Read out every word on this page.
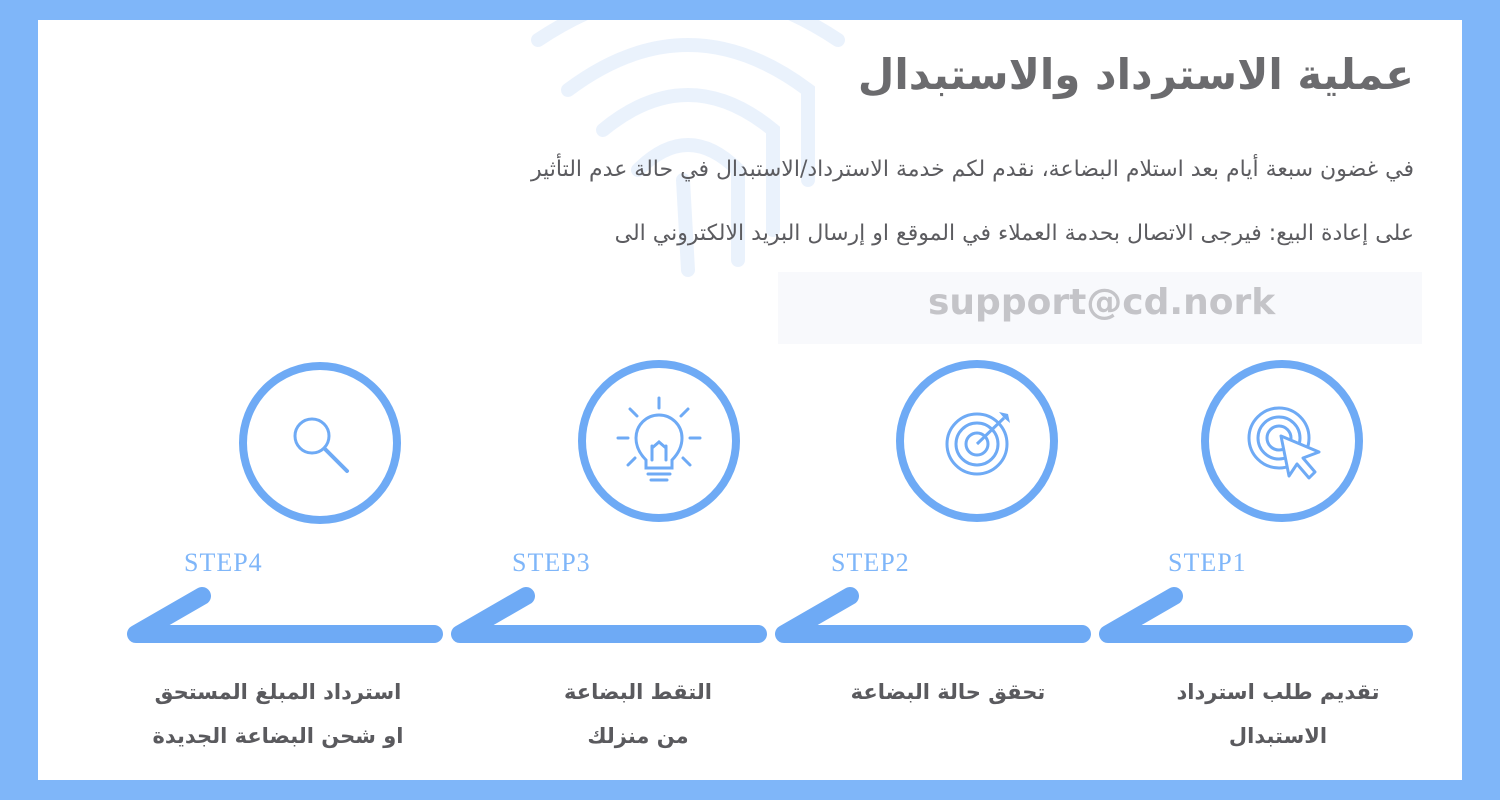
عملية الاسترداد والاستبدال

في غضون سبعة أيام بعد استلام البضاعة، نقدم لكم خدمة الاسترداد/الاستبدال في حالة عدم التأثير
على إعادة البيع: فيرجى الاتصال بحدمة العملاء في الموقع او إرسال البريد الالكتروني الى

support@cd.nork
STEP1
STEP2
STEP3
STEP4
تقديم طلب استرداد
الاستبدال
تحقق حالة البضاعة
التقط البضاعة
من منزلك
استرداد المبلغ المستحق
او شحن البضاعة الجديدة
